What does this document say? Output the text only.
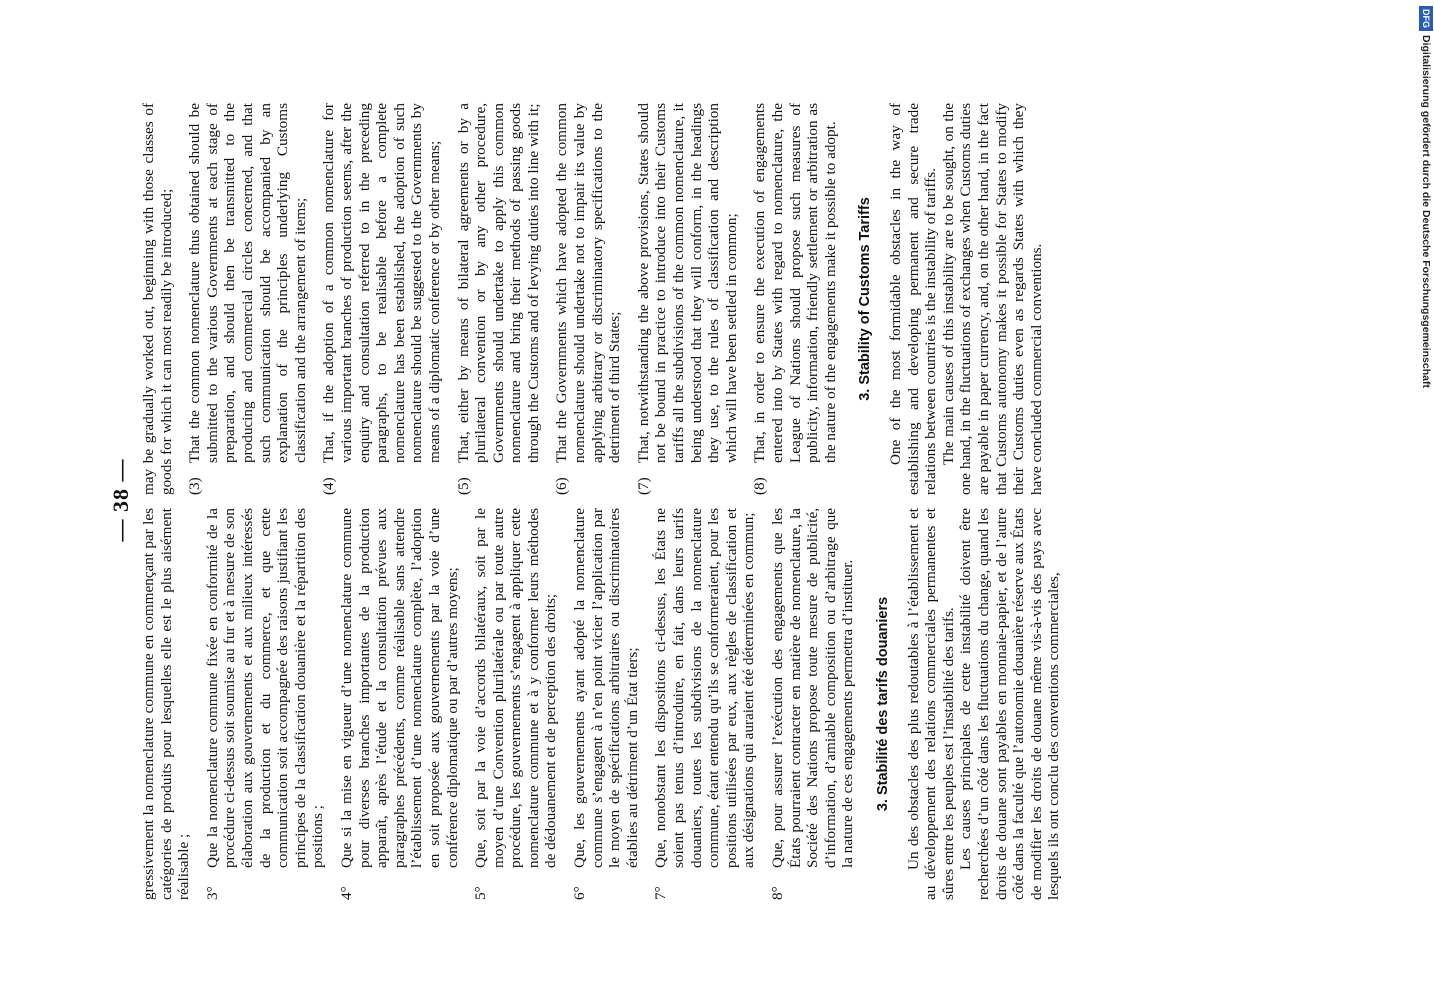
— 38 —

gressivement la nomenclature commune en commençant par les catégories de produits pour lesquelles elle est le plus aisément réalisable ; 3°
Que la nomenclature commune fixée en conformité de la procédure ci-dessus soit soumise au fur et à mesure de son élaboration aux gouvernements et aux milieux intéressés de la production et du commerce, et que cette communication soit accompagnée des raisons justifiant les principes de la classification douanière et la répartition des positions ;
4°
Que si la mise en vigueur d’une nomenclature commune pour diverses branches importantes de la production apparaît, après l’étude et la consultation prévues aux paragraphes précédents, comme réalisable sans attendre l’établissement d’une nomenclature complète, l’adoption en soit proposée aux gouvernements par la voie d’une conférence diplomatique ou par d’autres moyens;
5°
Que, soit par la voie d’accords bilatéraux, soit par le moyen d’une Convention plurilatérale ou par toute autre procédure, les gouvernements s’engagent à appliquer cette nomenclature commune et à y conformer leurs méthodes de dédouanement et de perception des droits;
6°
Que, les gouvernements ayant adopté la nomenclature commune s’engagent à n’en point vicier l’application par le moyen de spécifications arbitraires ou discriminatoires établies au détriment d’un État tiers;
7°
Que, nonobstant les dispositions ci-dessus, les États ne soient pas tenus d’introduire, en fait, dans leurs tarifs douaniers, toutes les subdivisions de la nomenclature commune, étant entendu qu’ils se conformeraient, pour les positions utilisées par eux, aux règles de classification et aux désignations qui auraient été déterminées en commun;
8°
Que, pour assurer l’exécution des engagements que les États pourraient contracter en matière de nomenclature, la Société des Nations propose toute mesure de publicité, d’information, d’amiable composition ou d’arbitrage que la nature de ces engagements permettra d’instituer. 3. Stabilité des tarifs douaniers Un des obstacles des plus redoutables à l’établissement et au développement des relations commerciales permanentes et sûres entre les peuples est l’instabilité des tarifs. Les causes principales de cette instabilité doivent être recherchées d’un côté dans les fluctuations du change, quand les droits de douane sont payables en monnaie-papier, et de l’autre côté dans la faculté que l’autonomie douanière réserve aux États de modifier les droits de douane même vis-à-vis des pays avec lesquels ils ont conclu des conventions commerciales,

may be gradually worked out, beginning with those classes of goods for which it can most readily be introduced; (3)
That the common nomenclature thus obtained should be submitted to the various Governments at each stage of preparation, and should then be transmitted to the producing and commercial circles concerned, and that such communication should be accompanied by an explanation of the principles underlying Customs classification and the arrangement of items;
(4)
That, if the adoption of a common nomenclature for various important branches of production seems, after the enquiry and consultation referred to in the preceding paragraphs, to be realisable before a complete nomenclature has been established, the adoption of such nomenclature should be suggested to the Governments by means of a diplomatic conference or by other means;
(5)
That, either by means of bilateral agreements or by a plurilateral convention or by any other procedure, Governments should undertake to apply this common nomenclature and bring their methods of passing goods through the Customs and of levying duties into line with it;
(6)
That the Governments which have adopted the common nomenclature should undertake not to impair its value by applying arbitrary or discriminatory specifications to the detriment of third States;
(7)
That, notwithstanding the above provisions, States should not be bound in practice to introduce into their Customs tariffs all the subdivisions of the common nomenclature, it being understood that they will conform, in the headings they use, to the rules of classification and description which will have been settled in common;
(8)
That, in order to ensure the execution of engagements entered into by States with regard to nomenclature, the League of Nations should propose such measures of publicity, information, friendly settlement or arbitration as the nature of the engagements make it possible to adopt. 3. Stability of Customs Tariffs One of the most formidable obstacles in the way of establishing and developing permanent and secure trade relations between countries is the instability of tariffs. The main causes of this instability are to be sought, on the one hand, in the fluctuations of exchanges when Customs duties are payable in paper currency, and, on the other hand, in the fact that Customs autonomy makes it possible for States to modify their Customs duties even as regards States with which they have concluded commercial conventions.

DFGDigitalisierung gefördert durch die Deutsche Forschungsgemeinschaft
